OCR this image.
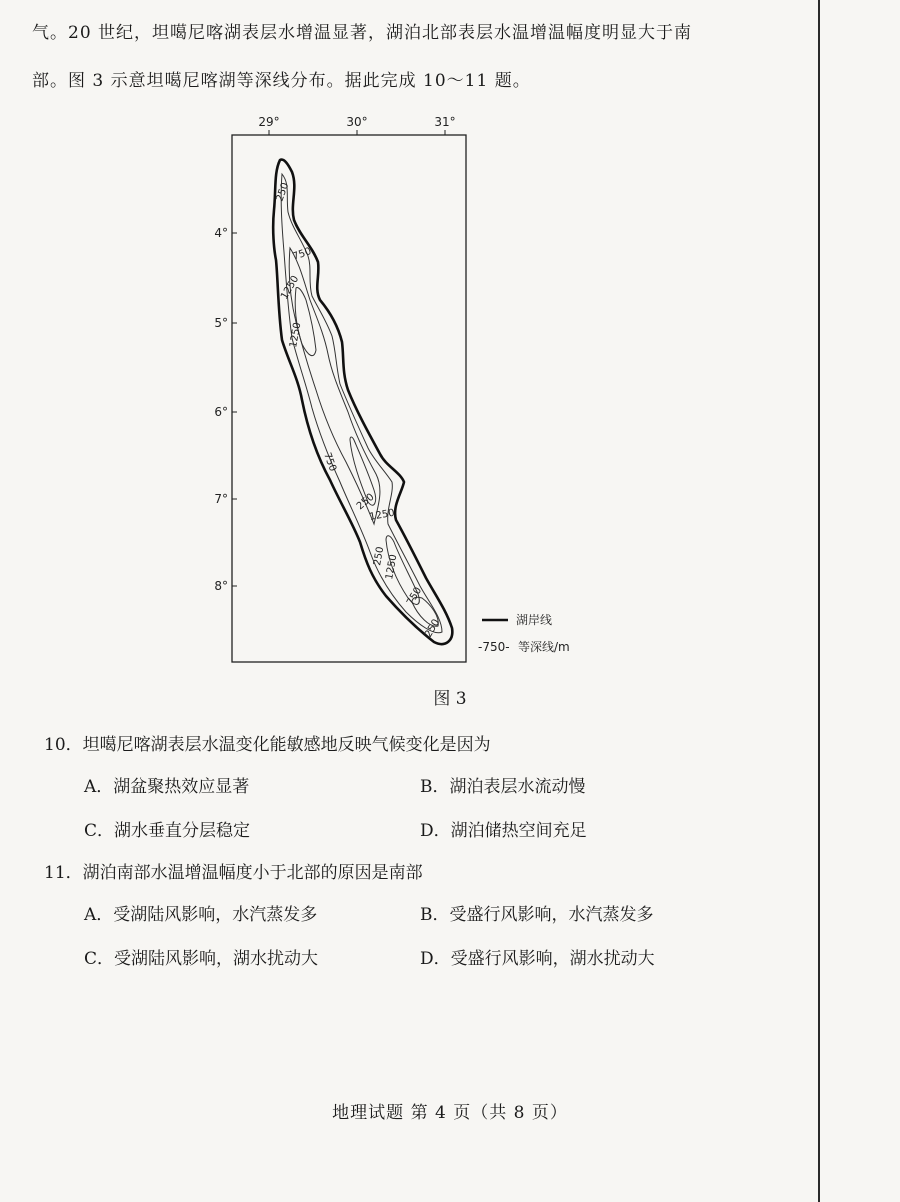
气。20 世纪，坦噶尼喀湖表层水增温显著，湖泊北部表层水温增温幅度明显大于南
部。图 3 示意坦噶尼喀湖等深线分布。据此完成 10～11 题。
29°	30°	31°
4°
5°
6°
7°
8°
250
750
1250
1250
750
250
1250
250
1250
750
250	湖岸线
-750- 等深线/m
图 3
10．坦噶尼喀湖表层水温变化能敏感地反映气候变化是因为
A．湖盆聚热效应显著	B．湖泊表层水流动慢
C．湖水垂直分层稳定	D．湖泊储热空间充足
11．湖泊南部水温增温幅度小于北部的原因是南部
A．受湖陆风影响，水汽蒸发多	B．受盛行风影响，水汽蒸发多
C．受湖陆风影响，湖水扰动大	D．受盛行风影响，湖水扰动大
地理试题 第 4 页（共 8 页）
